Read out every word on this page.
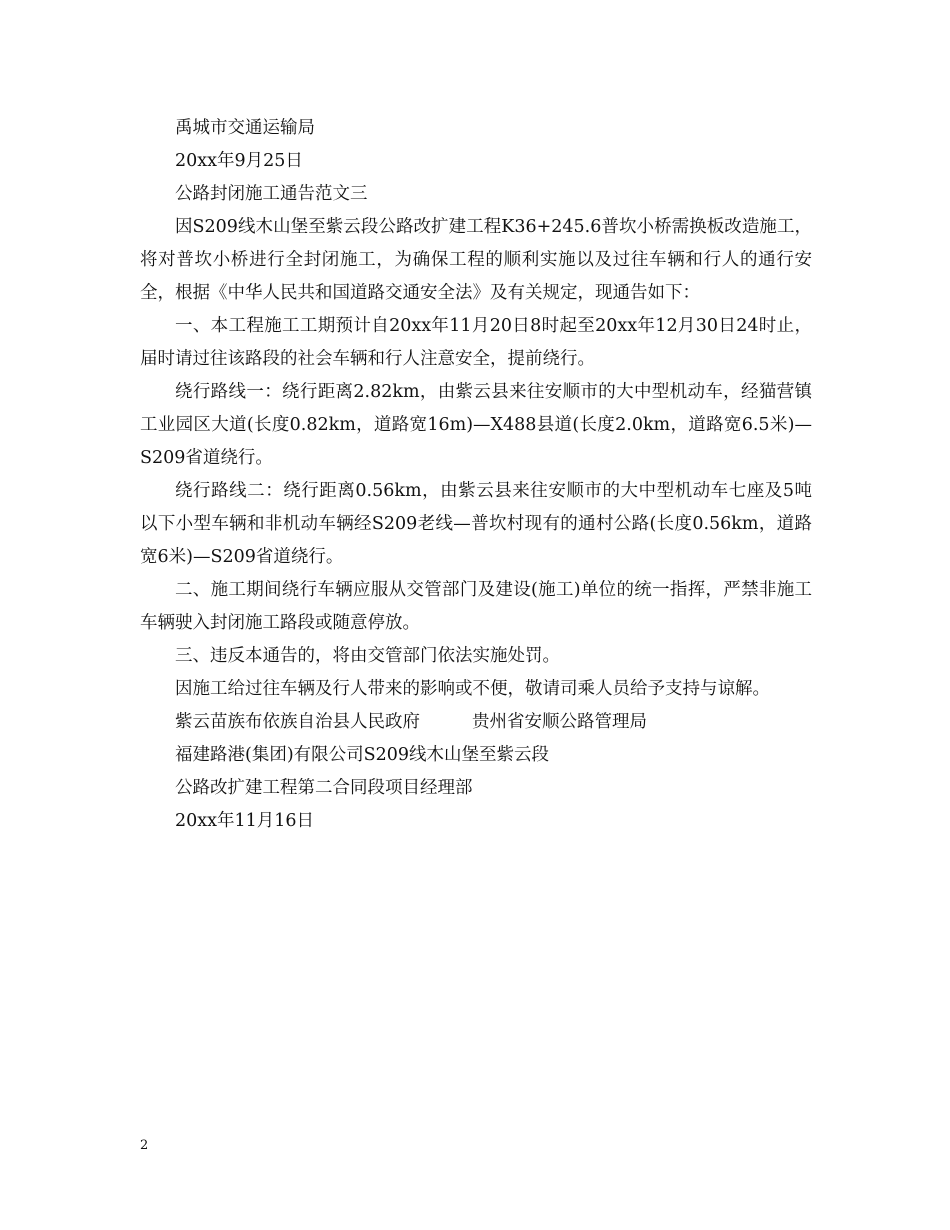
禹城市交通运输局

20xx年9月25日

公路封闭施工通告范文三

因S209线木山堡至紫云段公路改扩建工程K36+245.6普坎小桥需换板改造施工，将对普坎小桥进行全封闭施工，为确保工程的顺利实施以及过往车辆和行人的通行安全，根据《中华人民共和国道路交通安全法》及有关规定，现通告如下：

一、本工程施工工期预计自20xx年11月20日8时起至20xx年12月30日24时止，届时请过往该路段的社会车辆和行人注意安全，提前绕行。

绕行路线一：绕行距离2.82km，由紫云县来往安顺市的大中型机动车，经猫营镇工业园区大道(长度0.82km，道路宽16m)—X488县道(长度2.0km，道路宽6.5米)—S209省道绕行。

绕行路线二：绕行距离0.56km，由紫云县来往安顺市的大中型机动车七座及5吨以下小型车辆和非机动车辆经S209老线—普坎村现有的通村公路(长度0.56km，道路宽6米)—S209省道绕行。

二、施工期间绕行车辆应服从交管部门及建设(施工)单位的统一指挥，严禁非施工车辆驶入封闭施工路段或随意停放。

三、违反本通告的，将由交管部门依法实施处罚。

因施工给过往车辆及行人带来的影响或不便，敬请司乘人员给予支持与谅解。

紫云苗族布依族自治县人民政府	贵州省安顺公路管理局

福建路港(集团)有限公司S209线木山堡至紫云段

公路改扩建工程第二合同段项目经理部

20xx年11月16日

2
